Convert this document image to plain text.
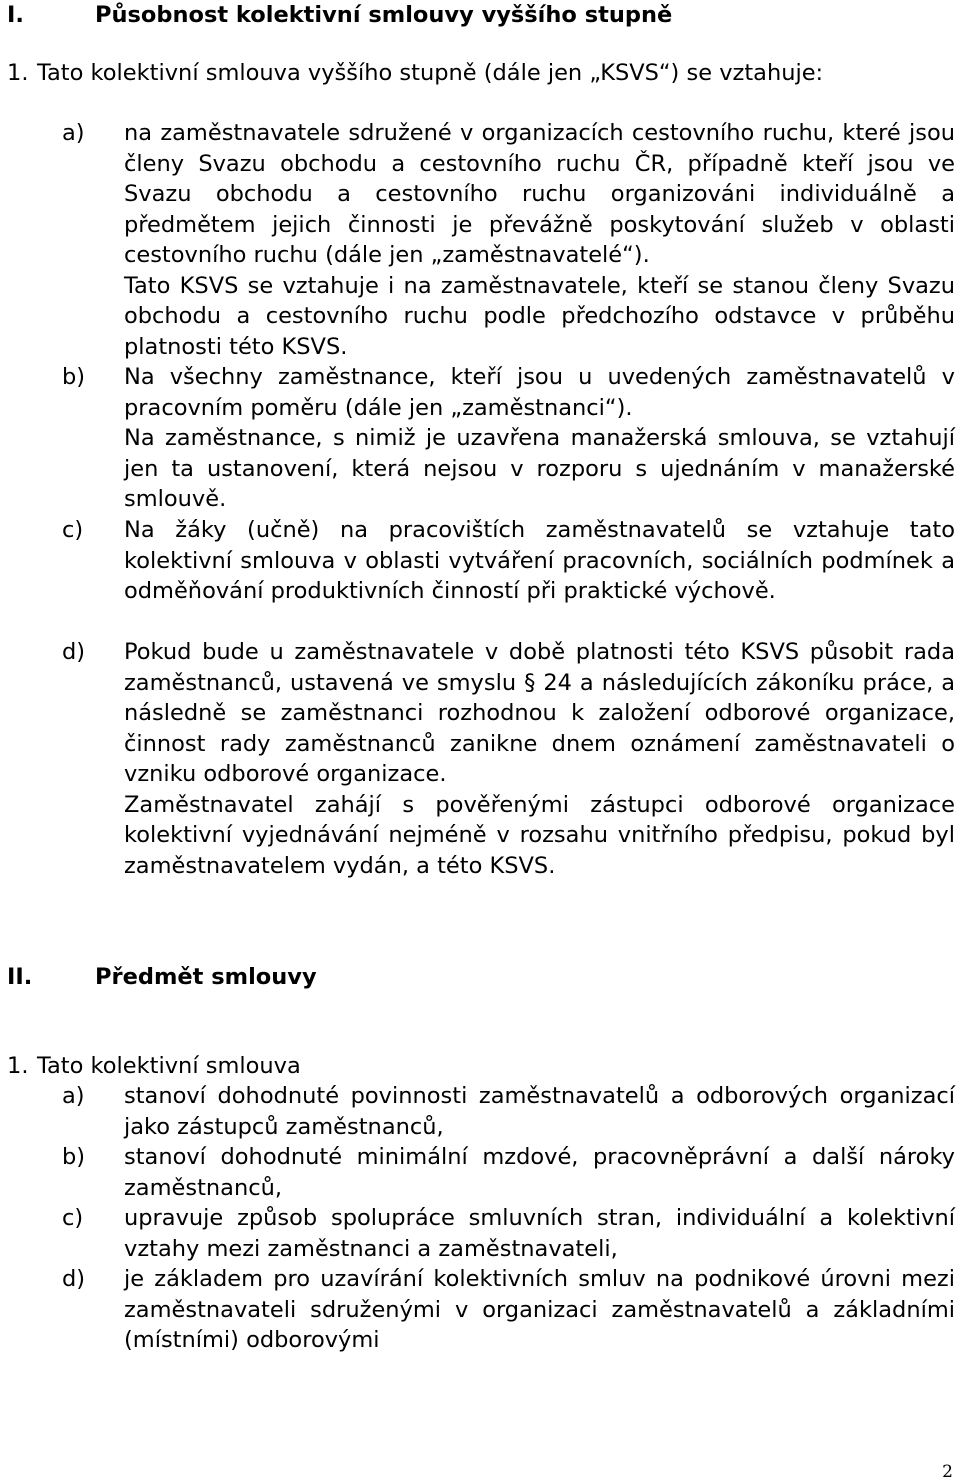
I.	Působnost kolektivní smlouvy vyššího stupně
1. Tato kolektivní smlouva vyššího stupně (dále jen „KSVS“) se vztahuje:
a)	na zaměstnavatele sdružené v organizacích cestovního ruchu, které jsou členy Svazu obchodu a cestovního ruchu ČR, případně kteří jsou ve Svazu obchodu a cestovního ruchu organizováni individuálně a předmětem jejich činnosti je převážně poskytování služeb v oblasti cestovního ruchu (dále jen „zaměstnavatelé“).

Tato KSVS se vztahuje i na zaměstnavatele, kteří se stanou členy Svazu obchodu a cestovního ruchu podle předchozího odstavce v průběhu platnosti této KSVS.

b)	Na všechny zaměstnance, kteří jsou u uvedených zaměstnavatelů v pracovním poměru (dále jen „zaměstnanci“).

Na zaměstnance, s nimiž je uzavřena manažerská smlouva, se vztahují jen ta ustanovení, která nejsou v rozporu s ujednáním v manažerské smlouvě.

c)	Na žáky (učně) na pracovištích zaměstnavatelů se vztahuje tato kolektivní smlouva v oblasti vytváření pracovních, sociálních podmínek a odměňování produktivních činností při praktické výchově.

d)	Pokud bude u zaměstnavatele v době platnosti této KSVS působit rada zaměstnanců, ustavená ve smyslu § 24 a následujících zákoníku práce, a následně se zaměstnanci rozhodnou k založení odborové organizace, činnost rady zaměstnanců zanikne dnem oznámení zaměstnavateli o vzniku odborové organizace.

Zaměstnavatel zahájí s pověřenými zástupci odborové organizace kolektivní vyjednávání nejméně v rozsahu vnitřního předpisu, pokud byl zaměstnavatelem vydán, a této KSVS.

II.	Předmět smlouvy
1. Tato kolektivní smlouva
a)	stanoví dohodnuté povinnosti zaměstnavatelů a odborových organizací jako zástupců zaměstnanců,

b)	stanoví dohodnuté minimální mzdové, pracovněprávní a další nároky zaměstnanců,

c)	upravuje způsob spolupráce smluvních stran, individuální a kolektivní vztahy mezi zaměstnanci a zaměstnavateli,

d)	je základem pro uzavírání kolektivních smluv na podnikové úrovni mezi zaměstnavateli sdruženými v organizaci zaměstnavatelů a základními (místními) odborovými

2
